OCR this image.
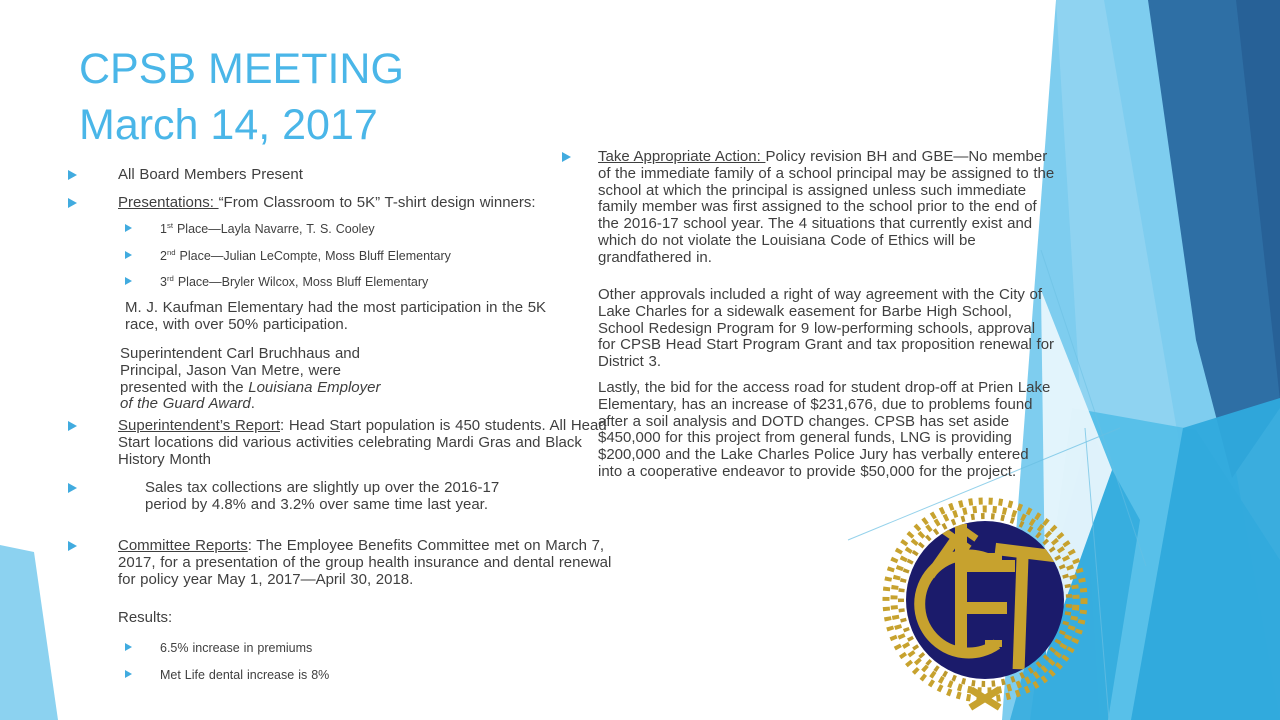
CPSB MEETING
March 14, 2017
All Board Members Present
Presentations: “From Classroom to 5K” T-shirt design winners:
1st Place—Layla Navarre, T. S. Cooley
2nd Place—Julian LeCompte, Moss Bluff Elementary
3rd Place—Bryler Wilcox, Moss Bluff Elementary
M. J. Kaufman Elementary had the most participation in the 5K race, with over 50% participation.
Superintendent Carl Bruchhaus and Principal, Jason Van Metre, were presented with the Louisiana Employer of the Guard Award.
Superintendent’s Report: Head Start population is 450 students. All Head Start locations did various activities celebrating Mardi Gras and Black History Month
Sales tax collections are slightly up over the 2016-17 period by 4.8% and 3.2% over same time last year.
Committee Reports: The Employee Benefits Committee met on March 7, 2017, for a presentation of the group health insurance and dental renewal for policy year May 1, 2017—April 30, 2018.
Results:
6.5% increase in premiums
Met Life dental increase is 8%
Take Appropriate Action: Policy revision BH and GBE—No member of the immediate family of a school principal may be assigned to the school at which the principal is assigned unless such immediate family member was first assigned to the school prior to the end of the 2016-17 school year. The 4 situations that currently exist and which do not violate the Louisiana Code of Ethics will be grandfathered in.
Other approvals included a right of way agreement with the City of Lake Charles for a sidewalk easement for Barbe High School, School Redesign Program for 9 low-performing schools, approval for CPSB Head Start Program Grant and tax proposition renewal for District 3.
Lastly, the bid for the access road for student drop-off at Prien Lake Elementary, has an increase of $231,676, due to problems found after a soil analysis and DOTD changes. CPSB has set aside $450,000 for this project from general funds, LNG is providing $200,000 and the Lake Charles Police Jury has verbally entered into a cooperative endeavor to provide $50,000 for the project.
